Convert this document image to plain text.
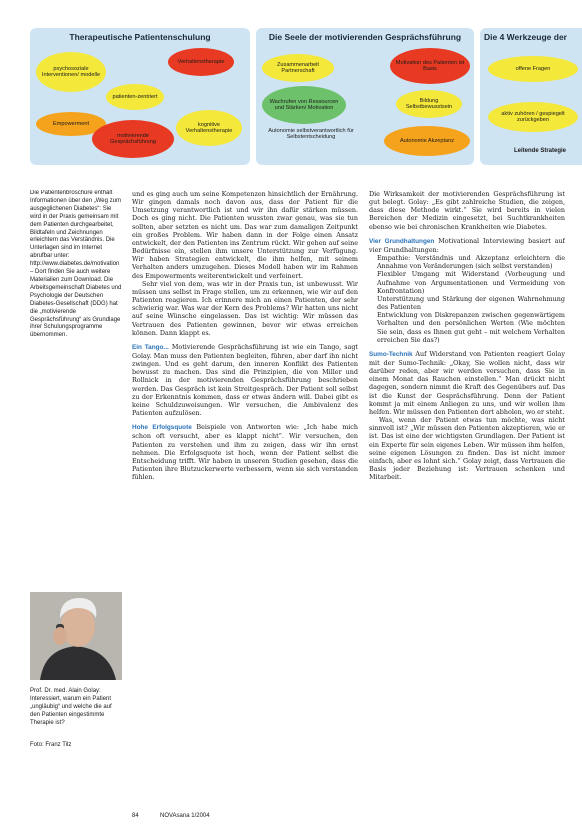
Therapeutische Patientenschulung
psychosoziale Interventionen/ modelle
Verhaltenstherapie
patienten-zentriert
Empowerment
motivierende Gesprächsführung
kognitive Verhaltenstherapie
Die Seele der motivierenden Gesprächsführung
Zusammenarbeit Partnerschaft
Motivation des Patienten ist Basis
Wachrufen von Ressourcen und Stärken/ Motivation
Bildung Selbstbewusstsein
Autonomie selbstverantwortlich für Selbstentscheidung
Autonomie Akzeptanz
Die 4 Werkzeuge der
offene Fragen
aktiv zuhören / gespiegelt zurückgeben
Leitende Strategie
Die Patientenbroschüre enthält Informationen über den „Weg zum ausgeglichenen Diabetes“: Sie wird in der Praxis gemeinsam mit dem Patienten durchgearbeitet, Bildtafeln und Zeichnungen erleichtern das Verständnis. Die Unterlagen sind im Internet abrufbar unter: http://www.diabetes.de/motivation – Dort finden Sie auch weitere Materialien zum Download. Die Arbeitsgemeinschaft Diabetes und Psychologie der Deutschen Diabetes-Gesellschaft (DDG) hat die „motivierende Gesprächsführung“ als Grundlage ihrer Schulungsprogramme übernommen.
Prof. Dr. med. Alain Golay: Interessiert, warum ein Patient „ungläubig“ und welche die auf den Patienten eingestimmte Therapie ist?
Foto: Franz Tilz

und es ging auch um seine Kompetenzen hinsichtlich der Ernährung. Wir gingen damals noch davon aus, dass der Patient für die Umsetzung verantwortlich ist und wir ihn dafür stärken müssen. Doch es ging nicht. Die Patienten wussten zwar genau, was sie tun sollten, aber setzten es nicht um. Das war zum damaligen Zeitpunkt ein großes Problem. Wir haben dann in der Folge einen Ansatz entwickelt, der den Patienten ins Zentrum rückt. Wir gehen auf seine Bedürfnisse ein, stellen ihm unsere Unterstützung zur Verfügung. Wir haben Strategien entwickelt, die ihm helfen, mit seinem Verhalten anders umzugehen. Dieses Modell haben wir im Rahmen des Empowerments weiterentwickelt und verfeinert.

Sehr viel von dem, was wir in der Praxis tun, ist unbewusst. Wir müssen uns selbst in Frage stellen, um zu erkennen, wie wir auf den Patienten reagieren. Ich erinnere mich an einen Patienten, der sehr schwierig war. Was war der Kern des Problems? Wir hatten uns nicht auf seine Wünsche eingelassen. Das ist wichtig: Wir müssen das Vertrauen des Patienten gewinnen, bevor wir etwas erreichen können. Dann klappt es.

Ein Tango... Motivierende Gesprächsführung ist wie ein Tango, sagt Golay. Man muss den Patienten begleiten, führen, aber darf ihn nicht zwingen. Und es geht darum, den inneren Konflikt des Patienten bewusst zu machen. Das sind die Prinzipien, die von Miller und Rollnick in der motivierenden Gesprächsführung beschrieben werden. Das Gespräch ist kein Streitgespräch. Der Patient soll selbst zu der Erkenntnis kommen, dass er etwas ändern will. Dabei gibt es keine Schuldzuweisungen. Wir versuchen, die Ambivalenz des Patienten aufzulösen.

Hohe Erfolgsquote Beispiele von Antworten wie: „Ich habe mich schon oft versucht, aber es klappt nicht“. Wir versuchen, den Patienten zu verstehen und ihm zu zeigen, dass wir ihn ernst nehmen. Die Erfolgsquote ist hoch, wenn der Patient selbst die Entscheidung trifft. Wir haben in unseren Studien gesehen, dass die Patienten ihre Blutzuckerwerte verbessern, wenn sie sich verstanden fühlen.

Die Wirksamkeit der motivierenden Gesprächsführung ist gut belegt. Golay: „Es gibt zahlreiche Studien, die zeigen, dass diese Methode wirkt.“ Sie wird bereits in vielen Bereichen der Medizin eingesetzt, bei Suchtkrankheiten ebenso wie bei chronischen Krankheiten wie Diabetes.

Vier Grundhaltungen Motivational Interviewing basiert auf vier Grundhaltungen:

• Empathie: Verständnis und Akzeptanz erleichtern die Annahme von Veränderungen (sich selbst verstanden)
• Flexibler Umgang mit Widerstand (Vorbeugung und Aufnahme von Argumentationen und Vermeidung von Konfrontation)
• Unterstützung und Stärkung der eigenen Wahrnehmung des Patienten
• Entwicklung von Diskrepanzen zwischen gegenwärtigem Verhalten und den persönlichen Werten (Wie möchten Sie sein, dass es Ihnen gut geht – mit welchem Verhalten erreichen Sie das?)

Sumo-Technik Auf Widerstand von Patienten reagiert Golay mit der Sumo-Technik: „Okay, Sie wollen nicht, dass wir darüber reden, aber wir werden versuchen, dass Sie in einem Monat das Rauchen einstellen.“ Man drückt nicht dagegen, sondern nimmt die Kraft des Gegenübers auf. Das ist die Kunst der Gesprächsführung. Denn der Patient kommt ja mit einem Anliegen zu uns, und wir wollen ihm helfen. Wir müssen den Patienten dort abholen, wo er steht.

Was, wenn der Patient etwas tun möchte, was nicht sinnvoll ist? „Wir müssen den Patienten akzeptieren, wie er ist. Das ist eine der wichtigsten Grundlagen. Der Patient ist ein Experte für sein eigenes Leben. Wir müssen ihm helfen, seine eigenen Lösungen zu finden. Das ist nicht immer einfach, aber es lohnt sich.“ Golay zeigt, dass Vertrauen die Basis jeder Beziehung ist: Vertrauen schenken und Mitarbeit.

84	NOVAsana 1/2004
